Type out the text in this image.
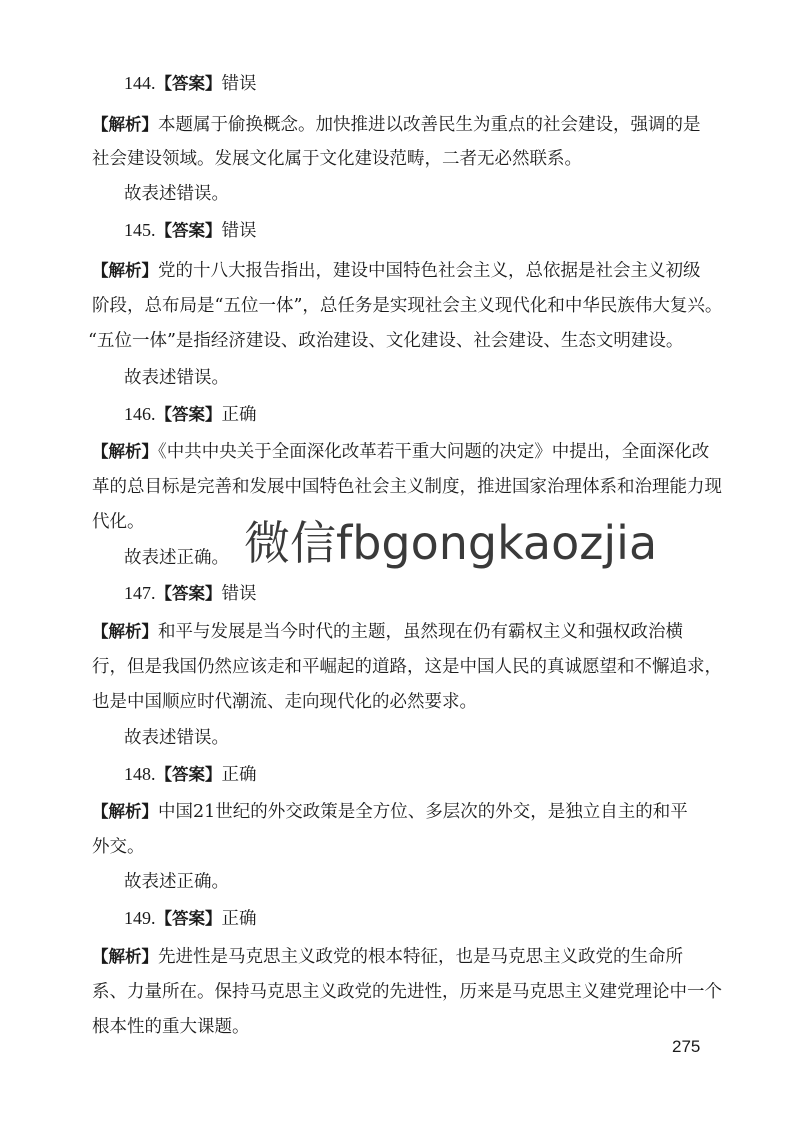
144.【答案】错误
【解析】本题属于偷换概念。加快推进以改善民生为重点的社会建设，强调的是
社会建设领域。发展文化属于文化建设范畴，二者无必然联系。
故表述错误。
145.【答案】错误
【解析】党的十八大报告指出，建设中国特色社会主义，总依据是社会主义初级
阶段，总布局是“五位一体”，总任务是实现社会主义现代化和中华民族伟大复兴。
“五位一体”是指经济建设、政治建设、文化建设、社会建设、生态文明建设。
故表述错误。
146.【答案】正确
【解析】《中共中央关于全面深化改革若干重大问题的决定》中提出，全面深化改
革的总目标是完善和发展中国特色社会主义制度，推进国家治理体系和治理能力现
代化。
故表述正确。 微信fbgongkaozjia
147.【答案】错误
【解析】和平与发展是当今时代的主题，虽然现在仍有霸权主义和强权政治横
行，但是我国仍然应该走和平崛起的道路，这是中国人民的真诚愿望和不懈追求，
也是中国顺应时代潮流、走向现代化的必然要求。
故表述错误。
148.【答案】正确
【解析】中国21世纪的外交政策是全方位、多层次的外交，是独立自主的和平
外交。
故表述正确。
149.【答案】正确
【解析】先进性是马克思主义政党的根本特征，也是马克思主义政党的生命所
系、力量所在。保持马克思主义政党的先进性，历来是马克思主义建党理论中一个
根本性的重大课题。
275
